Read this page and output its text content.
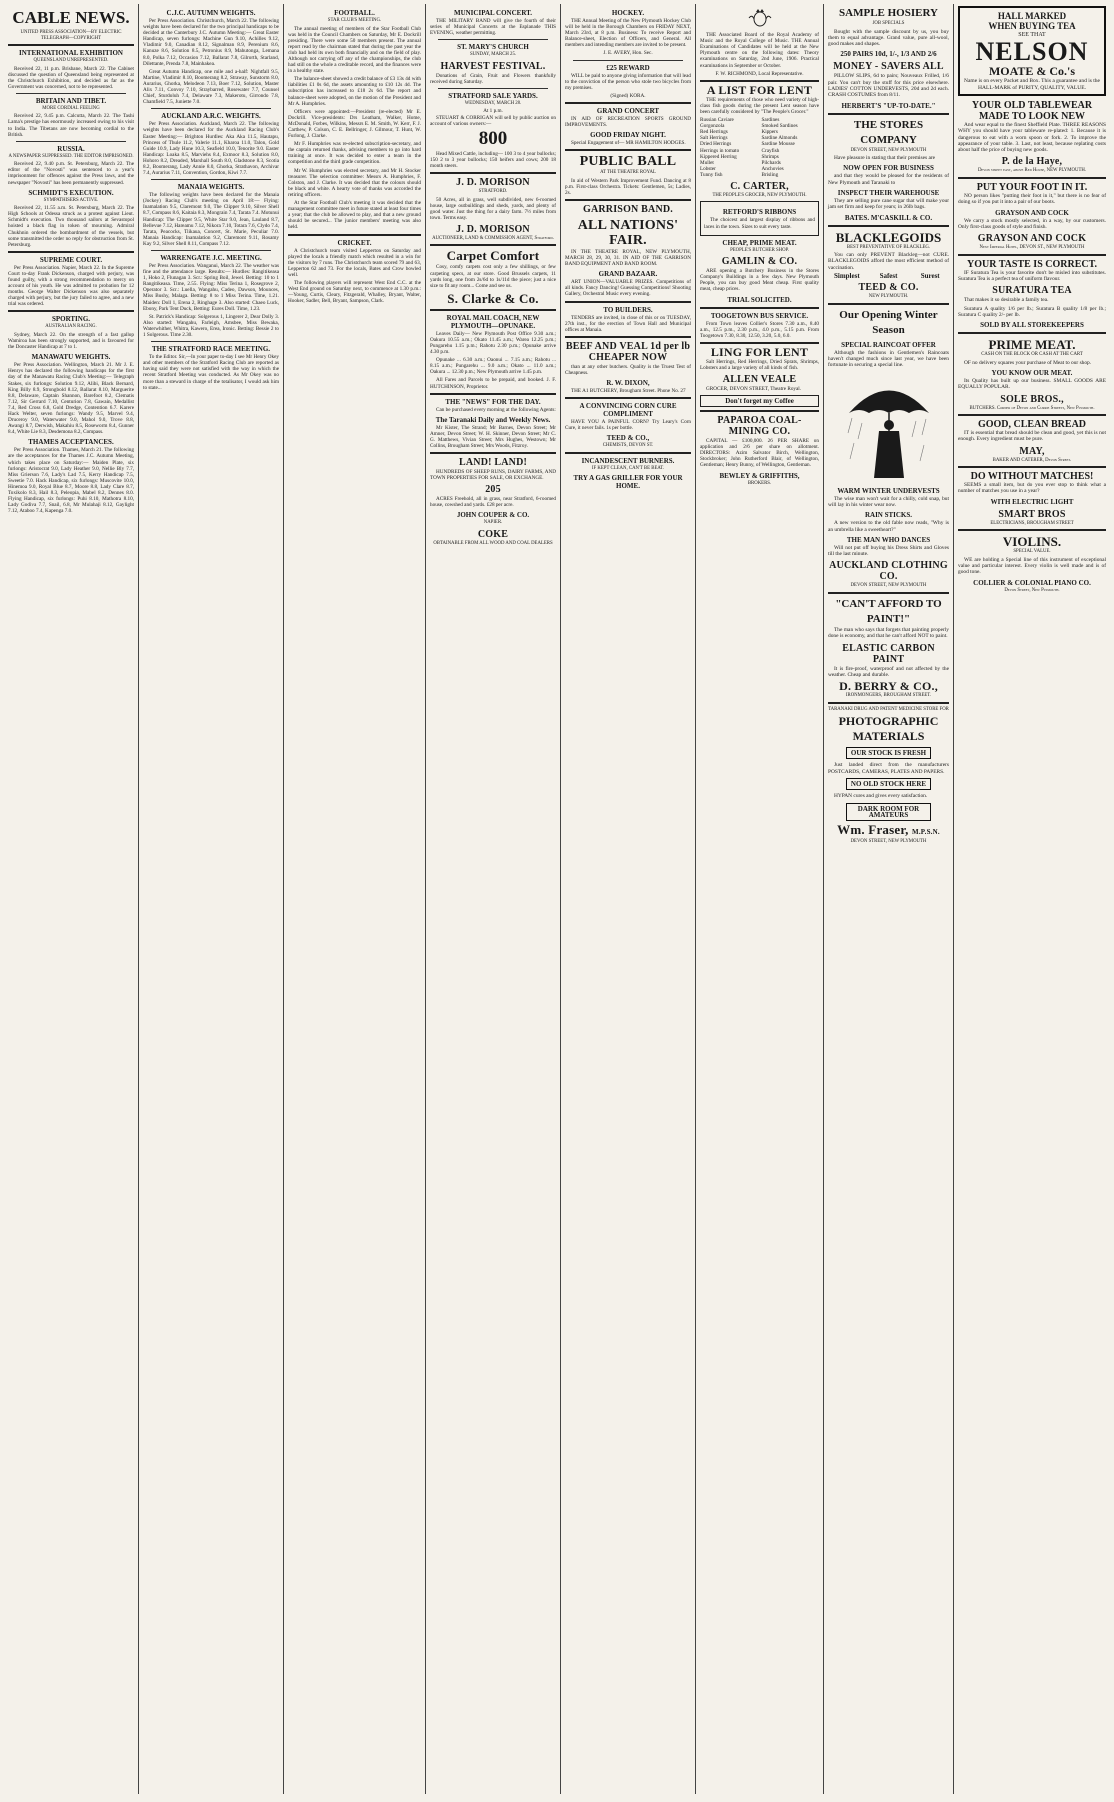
CABLE NEWS.
UNITED PRESS ASSOCIATION—BY ELECTRIC TELEGRAPH—COPYRIGHT
INTERNATIONAL EXHIBITION
QUEENSLAND UNREPRESENTED.

Received 22, 11 p.m. Brisbane, March 22. The Cabinet discussed the question of Queensland being represented at the Christchurch Exhibition, and decided as far as the Government was concerned, not to be represented.

BRITAIN AND TIBET.
MORE CORDIAL FEELING

Received 22, 9.45 p.m. Calcutta, March 22. The Tashi Lama's prestige has enormously increased owing to his visit to India. The Tibetans are now becoming cordial to the British.

RUSSIA.
A NEWSPAPER SUPPRESSED. THE EDITOR IMPRISONED.

Received 22, 9.40 p.m. St. Petersburg, March 22. The editor of the "Novosti" was sentenced to a year's imprisonment for offences against the Press laws, and the newspaper "Novosti" has been permanently suppressed.

SCHMIDT'S EXECUTION.
SYMPATHISERS ACTIVE.

Received 22, 11.55 a.m. St. Petersburg, March 22. The High Schools at Odessa struck as a protest against Lieut. Schmidt's execution. Two thousand sailors at Sevastopol hoisted a black flag in token of mourning. Admiral Chukhnin ordered the bombardment of the vessels, but some transmitted the order no reply for obstruction from St. Petersburg.

SUPREME COURT.

Per Press Association. Napier, March 22. In the Supreme Court to-day Frank Dickenson, charged with perjury, was found guilty, with a strong recommendation to mercy on account of his youth. He was admitted to probation for 12 months. George Walter Dickenson was also separately charged with perjury, but the jury failed to agree, and a new trial was ordered.

SPORTING.
AUSTRALIAN RACING.

Sydney, March 22. On the strength of a fast gallop Wamiroa has been strongly supported, and is favoured for the Doncaster Handicap at 7 to 1.

MANAWATU WEIGHTS.

Per Press Association. Wellington, March 21. Mr J. E. Henrys has declared the following handicaps for the first day of the Manawatu Racing Club's Meeting:— Telegraph Stakes, six furlongs: Solution 9.12, Alibi, Black Bernard, King Billy 8.9, Strongbold 8.12, Ballarat 8.10, Marguerite 8.8, Delaware, Captain Shannon, Barefoot 8.2, Clematis 7.12, Sir Gerrard 7.10, Centurion 7.8, Gawain, Medallist 7.4, Red Cross 6.8, Gold Dredge, Contention 6.7. Karere Hack Welter, seven furlongs: Wandy 9.5, Marvel 9.4, Druceroy 9.0, Waterwater 9.0, Mahol 9.0, Trove 8.8, Awangi 8.7, Derwish, Makahiu 8.5, Roseworm 8.4, Gunner 8.4, White Lie 8.3, Desdemona 8.2, Compass.

THAMES ACCEPTANCES.

Per Press Association. Thames, March 21. The following are the acceptances for the Thames J.C. Autumn Meeting, which takes place on Saturday:— Maiden Plate, six furlongs: Aristocrat 9.0, Lady Heather 9.0, Nellie Bly 7.7, Miss Grierson 7.6, Lady's Lad 7.5, Kerry Handicap 7.5, Sweetie 7.0. Hack Handicap, six furlongs: Muscovite 10.0, Hinemoa 9.0, Royal Blue 8.7, Moore 8.8, Lady Clare 8.7, Toxikolo 8.3, Hail 8.3, Peleopia, Mabel 8.2, Dennes 8.0. Flying Handicap, six furlongs: Puhi 8.10, Mathotra 8.10, Lady Godiva 7.7, Snail, 6.8, Mr Mulahaji 8.12, Gaylight 7.12, Ataboo 7.4, Kapenga 7.0.

C.J.C. AUTUMN WEIGHTS.

Per Press Association. Christchurch, March 22. The following weights have been declared for the two principal handicaps to be decided at the Canterbury J.C. Autumn Meeting:— Great Easter Handicap, seven furlongs: Machine Gun 9.10, Achilles 9.12, Vladimir 9.0, Canadian 8.12, Signalman 8.9, Perenium 8.6, Kanuze 8.6, Solution 8.5, Petronius 8.9, Mahutonga, Lemana 8.0, Polka 7.12, Occasion 7.12, Ballarat 7.8, Gilrorth, Starland, Dilettante, Prenda 7.8, Mainhakea.

Great Autumn Handicap, one mile and a-half: Nightfall 9.5, Martine, Vladimir 8.10, Boomerang 8.2, Straway, Sunstorm 8.0, Aurarius, Ghorka, Melodeon 7.13, Boer 7.12, Solution, Master Alix 7.11, Convoy 7.10, Straybarred, Rosewater 7.7, Counsel Chief, Sturdoluh 7.4, Delaware 7.3, Makerotu, Girrondo 7.8, Chamfield 7.5, Juniette 7.0.

AUCKLAND A.R.C. WEIGHTS.

Per Press Association. Auckland, March 22. The following weights have been declared for the Auckland Racing Club's Easter Meeting:— Brighton Hurdles: Aka Aka 11.5, Hautapu, Princess of Thule 11.2, Valerie 11.1, Kharoa 11.0, Talon, Gold Guide 10.9, Lady Hune 10.3, Seafield 10.0, Tenorite 9.0. Easter Handicap: Loaka 8.5, Marviehs 8.4, Exmoor 8.3, Solution 8.0, Hohoro 8.2, Dreaded, Marshall South 8.0, Gladstone 8.3, Scotia 8.2, Boomerang, Lady Annie 8.0, Ghorka, Strathavon, Archivar 7.4, Aurarius 7.11, Convention, Gordon, Kiwi 7.7.

MANAIA WEIGHTS.

The following weights have been declared for the Manaia (Jockey) Racing Club's meeting on April 18:— Flying: Inamalation 9.5, Claremont 9.0, The Clipper 9.10, Silver Shell 8.7, Compass 8.6, Kaitaia 8.3, Mongrain 7.4, Tarata 7.4. Motunui Handicap: The Clipper 9.5, White Star 9.0, Jean, Lauland 8.7, Bellevue 7.12, Hareamu 7.12, Nikora 7.10, Totara 7.6, Clydo 7.4, Tarata, Peacocks, Tiikaua, Concert, St. Marie, Peculiar 7.0. Manaia Handicap: Inamalation 9.2, Claremont 9.11, Rosamy Kay 9.2, Silver Shell 8.11, Compass 7.12.

WARRENGATE J.C. MEETING.

Per Press Association. Wanganui, March 22. The weather was fine and the attendance large. Results:— Hurdles: Rangitikeasa 1, Hoko 2, Flunagan 3. Scr.: Spring Boil, Jewel. Betting: 10 to 1 Rangitikeasa. Time, 2.55. Flying: Miss Terina 1, Rosegrove 2, Operator 3. Scr.: Luella, Wangahu, Cadeo, Dawson, Mounces, Miss Bushy, Malaga. Betting: 8 to 1 Miss Terina. Time, 1.21. Maiden: Doll 1, Erena 2, Ringhage 3. Also started: Chaeo Luck, Ebony, Park Tent Duck, Betting: Eures Doll. Time, 1.23.

St. Patrick's Handicap: Solgerous 1, Lingerer 2, Dear Dolly 3. Also started: Wangahu, Farleigh, Amsbee, Miss Bewaka, Waterwhither, Whitra, Kawero, Erea, Ironic. Betting: Bessie 2 to 1 Solgerous. Time 2.30.

THE STRATFORD RACE MEETING.

To the Editor. Sir,—In your paper to-day I see Mr Henry Okey and other members of the Stratford Racing Club are reported as having said they were not satisfied with the way in which the recent Stratford Meeting was conducted. As Mr Okey was no more than a steward in charge of the totalisator, I would ask him to state...

FOOTBALL.
STAR CLUB'S MEETING.

The annual meeting of members of the Star Football Club was held in the Council Chambers on Saturday, Mr E. Dockrill presiding. There were some 50 members present. The annual report read by the chairman stated that during the past year the club had held its own both financially and on the field of play. Although not carrying off any of the championships, the club had still on the whole a creditable record, and the finances were in a healthy state.

The balance-sheet showed a credit balance of £3 13s 4d with liabilities £1 0s 6d, the assets amounting to £10 12s 4d. The subscription has increased to £18 2s 6d. The report and balance-sheet were adopted, on the motion of the President and Mr A. Humphries.

Officers were appointed:—President (re-elected) Mr E. Dockrill. Vice-presidents: Drs Leatham, Walker, Home, McDonald, Forbes, Wilkins, Messrs E. M. Smith, W. Kerr, F. J. Carthew, P. Colson, C. E. Bellringer, J. Gilmour, T. Hunt, W. Furlong, J. Clarke.

Mr F. Humphries was re-elected subscription-secretary, and the captain returned thanks, advising members to go into hard training at once. It was decided to enter a team in the competition and the third grade competition.

Mr W. Humphries was elected secretary, and Mr H. Stocker treasurer. The selection committee: Messrs A. Humphries, F. Colston, and J. Clarke. It was decided that the colours should be black and white. A hearty vote of thanks was accorded the retiring officers.

At the Star Football Club's meeting it was decided that the management committee meet in future stated at least four times a year; that the club be allowed to play, and that a new ground should be secured... The junior members' meeting was also held.

CRICKET.

A Christchurch team visited Lepperton on Saturday and played the locals a friendly match which resulted in a win for the visitors by 7 runs. The Christchurch team scored 79 and 63, Lepperton 62 and 73. For the locals, Bates and Crow bowled well.

The following players will represent West End C.C. at the West End ground on Saturday next, to commence at 1.30 p.m.:—Young, Curtis, Cleary, Fitzgerald, Whalley, Bryant, Walter, Hooker, Sadler, Bell, Bryant, Sampson, Clark.

MUNICIPAL CONCERT.

THE MILITARY BAND will give the fourth of their series of Municipal Concerts at the Esplanade THIS EVENING, weather permitting.

ST. MARY'S CHURCH
SUNDAY, MARCH 25.
HARVEST FESTIVAL.

Donations of Grain, Fruit and Flowers thankfully received during Saturday.

STRATFORD SALE YARDS.
WEDNESDAY, MARCH 28.
At 1 p.m.

STEUART & CORRIGAN will sell by public auction on account of various owners:—

800

Head Mixed Cattle, including— 100 3 to 4 year bullocks; 150 2 to 3 year bullocks; 150 heifers and cows; 200 18 month steers.

J. D. MORISON
STRATFORD.

50 Acres, all in grass, well subdivided, new 6-roomed house, large outbuildings and sheds, yards, and plenty of good water. Just the thing for a dairy farm. 7½ miles from town. Terms easy.

J. D. MORISON
AUCTIONEER, LAND & COMMISSION AGENT, Stratford.
Carpet Comfort

Cosy, comfy carpets cost only a few shillings, or few carpeting specs, at our store. Good Brussels carpets, 11 yards long, one from 2s/6d to 1s/11d the piece; just a nice size to fit any room... Come and see us.

S. Clarke & Co.
ROYAL MAIL COACH, NEW PLYMOUTH—OPUNAKE.

Leaves Daily— New Plymouth Post Office 9.30 a.m.; Oakura 10.55 a.m.; Okato 11.45 a.m.; Warea 12.25 p.m.; Pungarehu 1.15 p.m.; Rahotu 2.30 p.m.; Opunake arrive 4.30 p.m.

Opunake ... 6.30 a.m.; Oaonui ... 7.15 a.m.; Rahotu ... 8.15 a.m.; Pungarehu ... 9.0 a.m.; Okato ... 11.0 a.m.; Oakura ... 12.30 p.m.; New Plymouth arrive 1.45 p.m.

All Fares and Parcels to be prepaid, and booked. J. F. HUTCHINSON, Proprietor.

THE "NEWS" FOR THE DAY.

Can be purchased every morning at the following Agents:

The Taranaki Daily and Weekly News.

Mr Kister, The Strand; Mr Barnes, Devon Street; Mr Amner, Devon Street; W. H. Skinner, Devon Street; Mr C. G. Matthews, Vivian Street; Mrs Hughes, Westown; Mr Collins, Brougham Street; Mrs Woods, Fitzroy.

LAND! LAND!

HUNDREDS OF SHEEP RUNS, DAIRY FARMS, AND TOWN PROPERTIES FOR SALE, OR EXCHANGE.

205

ACRES Freehold, all in grass, near Stratford, 6-roomed house, cowshed and yards. £28 per acre.

JOHN COUPER & CO.
NAPIER.
COKE
OBTAINABLE FROM ALL WOOD AND COAL DEALERS
HOCKEY.

THE Annual Meeting of the New Plymouth Hockey Club will be held in the Borough Chambers on FRIDAY NEXT, March 23rd, at 8 p.m. Business: To receive Report and Balance-sheet, Election of Officers, and General. All members and intending members are invited to be present.

J. E. AVERY, Hon. Sec.
£25 REWARD

WILL be paid to anyone giving information that will lead to the conviction of the person who stole two bicycles from my premises.

(Signed) KORA.
GRAND CONCERT

IN AID OF RECREATION SPORTS GROUND IMPROVEMENTS.

GOOD FRIDAY NIGHT.

Special Engagement of— MR HAMILTON HODGES.

PUBLIC BALL
AT THE THEATRE ROYAL

In aid of Western Park Improvement Fund. Dancing at 8 p.m. First-class Orchestra. Tickets: Gentlemen, 5s; Ladies, 2s.

GARRISON BAND.
ALL NATIONS' FAIR.

IN THE THEATRE ROYAL, NEW PLYMOUTH, MARCH 28, 29, 30, 31. IN AID OF THE GARRISON BAND EQUIPMENT AND BAND ROOM.

GRAND BAZAAR.

ART UNION—VALUABLE PRIZES. Competitions of all kinds. Fancy Dancing! Guessing Competitions! Shooting Gallery, Orchestral Music every evening.

TO BUILDERS.

TENDERS are invited, in close of this or on TUESDAY, 27th inst., for the erection of Town Hall and Municipal offices at Manaia.

BEEF AND VEAL 1d per lb CHEAPER NOW

than at any other butchers. Quality is the Truest Test of Cheapness.

R. W. DIXON,

THE A1 BUTCHERY, Brougham Street. Phone No. 27

A CONVINCING CORN CURE COMPLIMENT

HAVE YOU A PAINFUL CORN? Try Leary's Corn Cure, it never fails. 1s per bottle.

TEED & CO.,
CHEMISTS, DEVON ST.
INCANDESCENT BURNERS.
IF KEPT CLEAN, CAN'T BE BEAT.
TRY A GAS GRILLER FOR YOUR HOME.

THE Associated Board of the Royal Academy of Music and the Royal College of Music. THE Annual Examinations of Candidates will be held at the New Plymouth centre on the following dates: Theory examinations on Saturday, 2nd June, 1906. Practical examinations in September or October.

F. W. RICHMOND, Local Representative.
A LIST FOR LENT

THE requirements of those who need variety of high-class fish goods during the present Lent season have been carefully considered by "The People's Grocer."

Russian Caviare
Gorgonzola
Red Herrings
Salt Herrings
Dried Herrings
Herrings in tomato
Kippered Herring
Mullet
Lobster
Tunny fish
Sardines
Smoked Sardines
Kippers
Sardine Almonds
Sardine Mousse
Crayfish
Shrimps
Pilchards
Anchovies
Brisling
C. CARTER,
THE PEOPLE'S GROCER, NEW PLYMOUTH.
RETFORD'S RIBBONS

The choicest and largest display of ribbons and laces in the town. Sizes to suit every taste.

CHEAP, PRIME MEAT.
PEOPLE'S BUTCHER SHOP.
GAMLIN & CO.

ARE opening a Butchery Business in the Stores Company's Buildings in a few days. New Plymouth People, you can buy good Meat cheap. First quality meat, cheap prices.

TRIAL SOLICITED.
TOOGETOWN BUS SERVICE.

From Town leaves Collier's Stores 7.30 a.m., 8.40 a.m., 12.5 p.m., 2.30 p.m., 4.0 p.m., 5.15 p.m. From Toogetown 7.30, 8.30, 12.50, 3.20, 5.0, 6.0.

LING FOR LENT

Salt Herrings, Red Herrings, Dried Sprats, Shrimps, Lobsters and a large variety of all kinds of fish.

ALLEN VEALE

GROCER, DEVON STREET, Theatre Royal.

Don't forget my Coffee
PAPAROA COAL-MINING CO.

CAPITAL — £100,000. 26 PER SHARE on application and 2/6 per share on allotment. DIRECTORS: Azim Salvator Birch, Wellington, Stockbroker; John Rutherford Blair, of Wellington, Gentleman; Henry Bunny, of Wellington, Gentleman.

BEWLEY & GRIFFITHS,
BROKERS.
SAMPLE HOSIERY
JOB SPECIALS

Bought with the sample discount by us, you buy them to equal advantage. Grand value, pure all-wool, good makes and shapes.

250 PAIRS 10d, 1/-, 1/3 AND 2/6
MONEY - SAVERS ALL

PILLOW SLIPS, 6d to pairs; Nouveaux Frilled, 1/6 pair. You can't buy the stuff for this price elsewhere. LADIES' COTTON UNDERVESTS, 20d and 2d each. CRASH COSTUMES from 8/11.

HERBERT'S "UP-TO-DATE."
THE STORES COMPANY
DEVON STREET, NEW PLYMOUTH

Have pleasure in stating that their premises are

NOW OPEN FOR BUSINESS

and that they would be pleased for the residents of New Plymouth and Taranaki to

INSPECT THEIR WAREHOUSE

They are selling pure cane sugar that will make your jam set firm and keep for years; in 26lb bags.

BATES. M'CASKILL & CO.
BLACKLEGOIDS
BEST PREVENTATIVE OF BLACKLEG.

You can only PREVENT Blackleg—not CURE. BLACKLEGOIDS afford the most efficient method of vaccination.

Simplest	Safest	Surest
TEED & CO.
NEW PLYMOUTH.
Our Opening Winter Season
SPECIAL RAINCOAT OFFER

Although the fashions in Gentlemen's Raincoats haven't changed much since last year, we have been fortunate in securing a special line.

WARM WINTER UNDERVESTS

The wise man won't wait for a chilly, cold snap, but will lay in his winter wear now.

RAIN STICKS.

A new version to the old fable now reads, "Why is an umbrella like a sweetheart?"

THE MAN WHO DANCES

Will not put off buying his Dress Shirts and Gloves till the last minute.

AUCKLAND CLOTHING CO.
DEVON STREET, NEW PLYMOUTH
"CAN'T AFFORD TO PAINT!"

The man who says that forgets that painting properly done is economy, and that he can't afford NOT to paint.

ELASTIC CARBON PAINT

It is fire-proof, waterproof and not affected by the weather. Cheap and durable.

D. BERRY & CO.,
IRONMONGERS, BROUGHAM STREET.
TARANAKI DRUG AND PATENT MEDICINE STORE FOR
PHOTOGRAPHIC MATERIALS
OUR STOCK IS FRESH

Just landed direct from the manufacturers POSTCARDS, CAMERAS, PLATES AND PAPERS.

NO OLD STOCK HERE

HYPAN cures and gives every satisfaction.

DARK ROOM FOR AMATEURS
Wm. Fraser, M.P.S.N.
DEVON STREET, NEW PLYMOUTH
HALL MARKED
WHEN BUYING TEA
SEE THAT
NELSON
MOATE & Co.'s
Name is on every Packet and Box. This a guarantee and is the HALL-MARK of PURITY, QUALITY, VALUE.
YOUR OLD TABLEWEAR MADE TO LOOK NEW

And wear equal to the finest Sheffield Plate. THREE REASONS WHY you should have your tableware re-plated: 1. Because it is dangerous to eat with a worn spoon or fork. 2. To improve the appearance of your table. 3. Last, not least, because replating costs about half the price of buying new goods.

P. de la Haye,
Devon street east, above Red House, NEW PLYMOUTH.
PUT YOUR FOOT IN IT.

NO person likes "putting their foot in it," but there is no fear of doing so if you put it into a pair of our boots.

GRAYSON AND COCK

We carry a stock mostly selected, in a way, by our customers. Only first-class goods of style and finish.

GRAYSON AND COCK
Next Imperial Hotel, DEVON ST., NEW PLYMOUTH
YOUR TASTE IS CORRECT.

IF Suratura Tea is your favorite don't be misled into substitutes. Suratura Tea is a perfect tea of uniform flavour.

SURATURA TEA

That makes it so desirable a family tea.

Suratura A quality 1/6 per lb.; Suratura B quality 1/8 per lb.; Suratura C quality 2/- per lb.

SOLD BY ALL STOREKEEPERS
PRIME MEAT.
CASH ON THE BLOCK OR CASH AT THE CART

OF no delivery squares your purchase of Meat to our shop.

YOU KNOW OUR MEAT.

Its Quality has built up our business. SMALL GOODS ARE EQUALLY POPULAR.

SOLE BROS.,
BUTCHERS. Corner of Devon and Currie Streets, New Plymouth.
GOOD, CLEAN BREAD

IT is essential that bread should be clean and good, yet this is not enough. Every ingredient must be pure.

MAY,
BAKER AND CATERER, Devon Street.
DO WITHOUT MATCHES!

SEEMS a small item, but do you ever stop to think what a number of matches you use in a year?

WITH ELECTRIC LIGHT
SMART BROS
ELECTRICIANS, BROUGHAM STREET
VIOLINS.
SPECIAL VALUE.

WE are holding a Special line of this instrument of exceptional value and particular interest. Every violin is well made and is of good tone.

COLLIER & COLONIAL PIANO CO.
Devon Street, New Plymouth.
